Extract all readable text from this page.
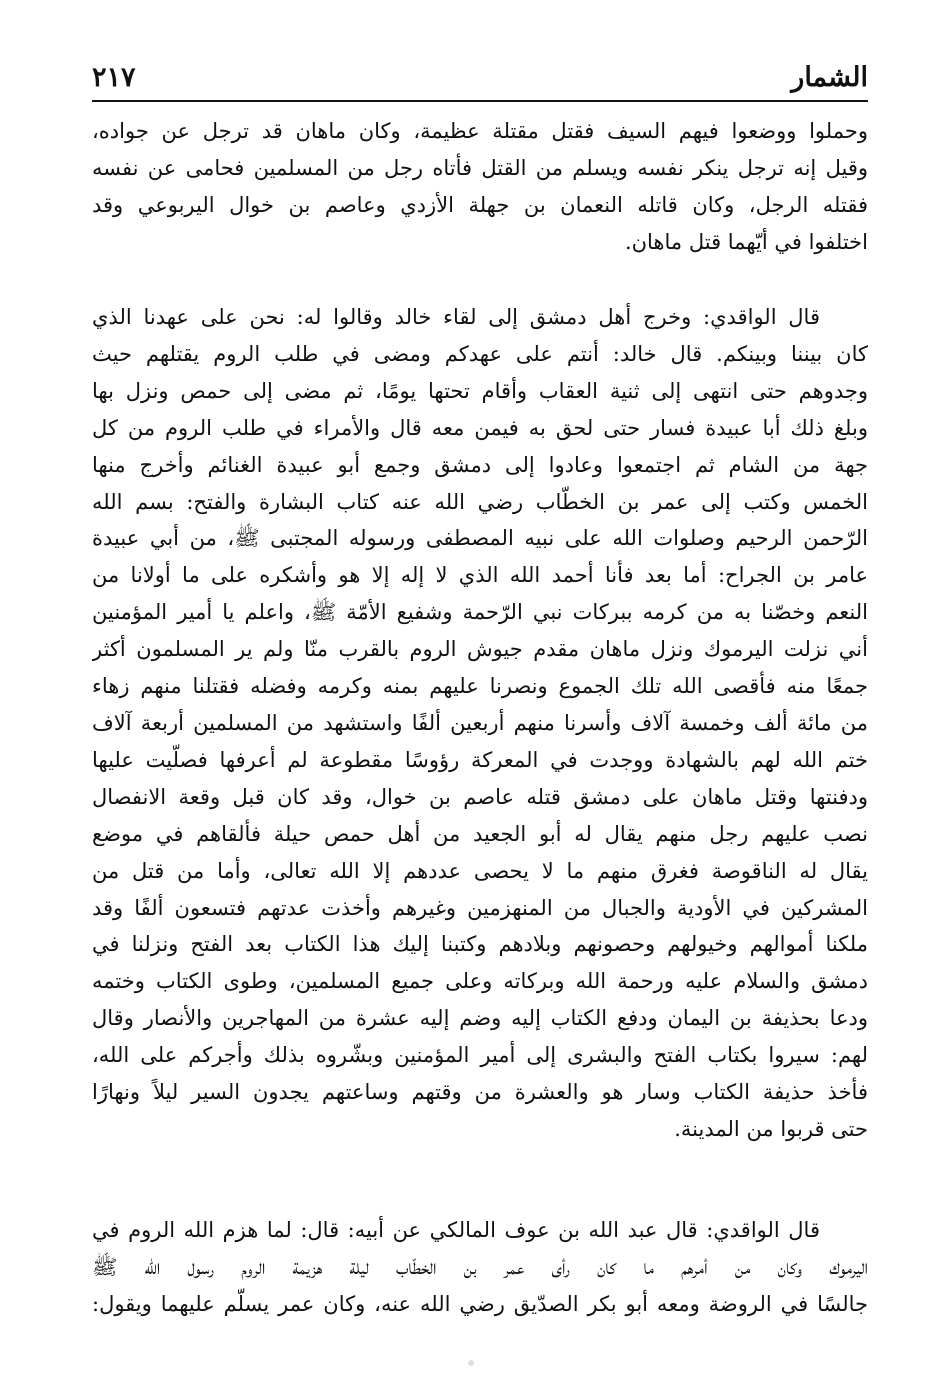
الشمار
٢١٧
وحملوا ووضعوا فيهم السيف فقتل مقتلة عظيمة، وكان ماهان قد ترجل عن جواده،
وقيل إنه ترجل ينكر نفسه ويسلم من القتل فأتاه رجل من المسلمين فحامى عن نفسه
فقتله الرجل، وكان قاتله النعمان بن جهلة الأزدي وعاصم بن خوال اليربوعي وقد
اختلفوا في أيّهما قتل ماهان.
قال الواقدي: وخرج أهل دمشق إلى لقاء خالد وقالوا له: نحن على عهدنا الذي
كان بيننا وبينكم. قال خالد: أنتم على عهدكم ومضى في طلب الروم يقتلهم حيث
وجدوهم حتى انتهى إلى ثنية العقاب وأقام تحتها يومًا، ثم مضى إلى حمص ونزل بها
وبلغ ذلك أبا عبيدة فسار حتى لحق به فيمن معه قال والأمراء في طلب الروم من كل
جهة من الشام ثم اجتمعوا وعادوا إلى دمشق وجمع أبو عبيدة الغنائم وأخرج منها
الخمس وكتب إلى عمر بن الخطّاب رضي الله عنه كتاب البشارة والفتح: بسم الله
الرّحمن الرحيم وصلوات الله على نبيه المصطفى ورسوله المجتبى ﷺ، من أبي عبيدة
عامر بن الجراح: أما بعد فأنا أحمد الله الذي لا إله إلا هو وأشكره على ما أولانا من
النعم وخصّنا به من كرمه ببركات نبي الرّحمة وشفيع الأمّة ﷺ، واعلم يا أمير المؤمنين
أني نزلت اليرموك ونزل ماهان مقدم جيوش الروم بالقرب منّا ولم ير المسلمون أكثر
جمعًا منه فأقصى الله تلك الجموع ونصرنا عليهم بمنه وكرمه وفضله فقتلنا منهم زهاء
من مائة ألف وخمسة آلاف وأسرنا منهم أربعين ألفًا واستشهد من المسلمين أربعة آلاف
ختم الله لهم بالشهادة ووجدت في المعركة رؤوسًا مقطوعة لم أعرفها فصلّيت عليها
ودفنتها وقتل ماهان على دمشق قتله عاصم بن خوال، وقد كان قبل وقعة الانفصال
نصب عليهم رجل منهم يقال له أبو الجعيد من أهل حمص حيلة فألقاهم في موضع
يقال له الناقوصة فغرق منهم ما لا يحصى عددهم إلا الله تعالى، وأما من قتل من
المشركين في الأودية والجبال من المنهزمين وغيرهم وأخذت عدتهم فتسعون ألفًا وقد
ملكنا أموالهم وخيولهم وحصونهم وبلادهم وكتبنا إليك هذا الكتاب بعد الفتح ونزلنا في
دمشق والسلام عليه ورحمة الله وبركاته وعلى جميع المسلمين، وطوى الكتاب وختمه
ودعا بحذيفة بن اليمان ودفع الكتاب إليه وضم إليه عشرة من المهاجرين والأنصار وقال
لهم: سيروا بكتاب الفتح والبشرى إلى أمير المؤمنين وبشّروه بذلك وأجركم على الله،
فأخذ حذيفة الكتاب وسار هو والعشرة من وقتهم وساعتهم يجدون السير ليلاً ونهارًا
حتى قربوا من المدينة.
قال الواقدي: قال عبد الله بن عوف المالكي عن أبيه: قال: لما هزم الله الروم في
اليرموك وكان من أمرهم ما كان رأى عمر بن الخطّاب ليلة هزيمة الروم رسول الله ﷺ
جالسًا في الروضة ومعه أبو بكر الصدّيق رضي الله عنه، وكان عمر يسلّم عليهما ويقول:
